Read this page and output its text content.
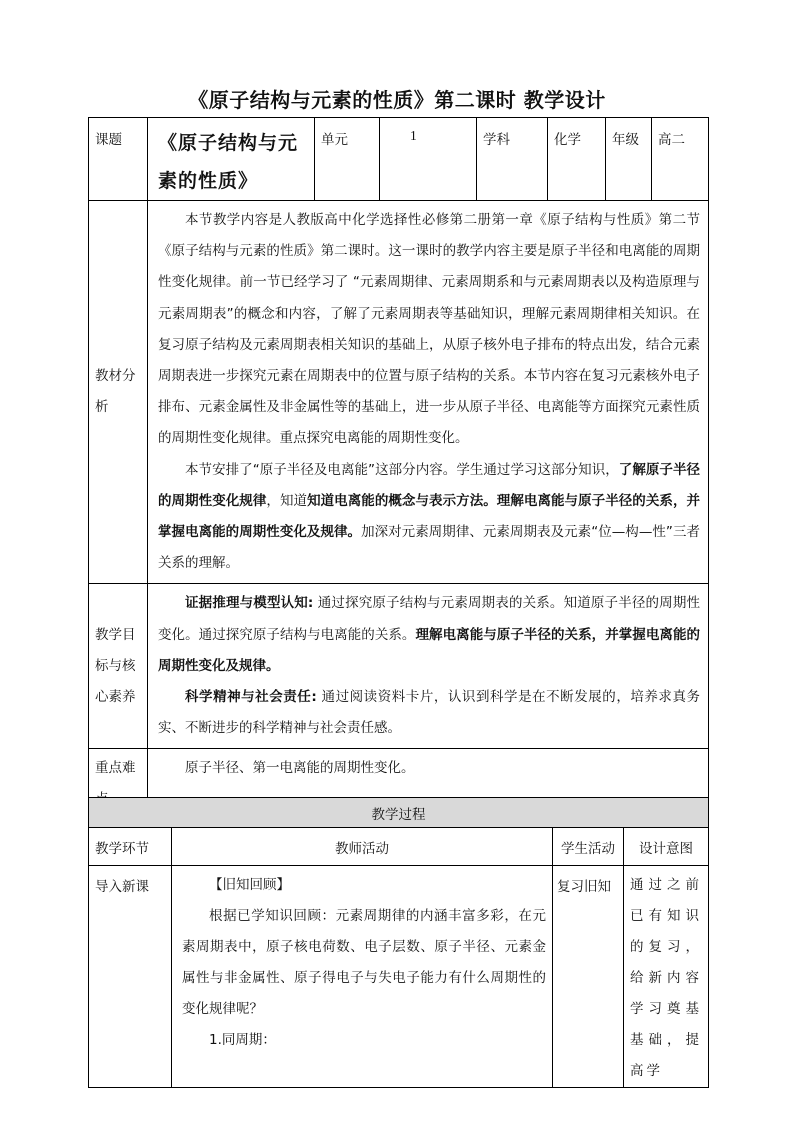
《原子结构与元素的性质》第二课时 教学设计
课题	《原子结构与元素的性质》	单元	1	学科	化学	年级	高二
教材分析	本节教学内容是人教版高中化学选择性必修第二册第一章《原子结构与性质》第二节《原子结构与元素的性质》第二课时。这一课时的教学内容主要是原子半径和电离能的周期性变化规律。前一节已经学习了 “元素周期律、元素周期系和与元素周期表以及构造原理与元素周期表”的概念和内容，了解了元素周期表等基础知识，理解元素周期律相关知识。在复习原子结构及元素周期表相关知识的基础上，从原子核外电子排布的特点出发，结合元素周期表进一步探究元素在周期表中的位置与原子结构的关系。本节内容在复习元素核外电子排布、元素金属性及非金属性等的基础上，进一步从原子半径、电离能等方面探究元素性质的周期性变化规律。重点探究电离能的周期性变化。

本节安排了“原子半径及电离能”这部分内容。学生通过学习这部分知识，了解原子半径的周期性变化规律，知道知道电离能的概念与表示方法。理解电离能与原子半径的关系，并掌握电离能的周期性变化及规律。加深对元素周期律、元素周期表及元素“位—构—性”三者关系的理解。						

教学目标与核心素养	证据推理与模型认知: 通过探究原子结构与元素周期表的关系。知道原子半径的周期性变化。通过探究原子结构与电离能的关系。理解电离能与原子半径的关系，并掌握电离能的周期性变化及规律。

科学精神与社会责任: 通过阅读资料卡片，认识到科学是在不断发展的，培养求真务实、不断进步的科学精神与社会责任感。						

重点难	原子半径、第一电离能的周期性变化。						

教学过程			
教学环节	教师活动	学生活动	设计意图
导入新课	【旧知回顾】

根据已学知识回顾：元素周期律的内涵丰富多彩，在元素周期表中，原子核电荷数、电子层数、原子半径、元素金属性与非金属性、原子得电子与失电子能力有什么周期性的变化规律呢？

1.同周期：	复习旧知	通过之前已有知识的复习，给新内容学习奠基基础，提高学
